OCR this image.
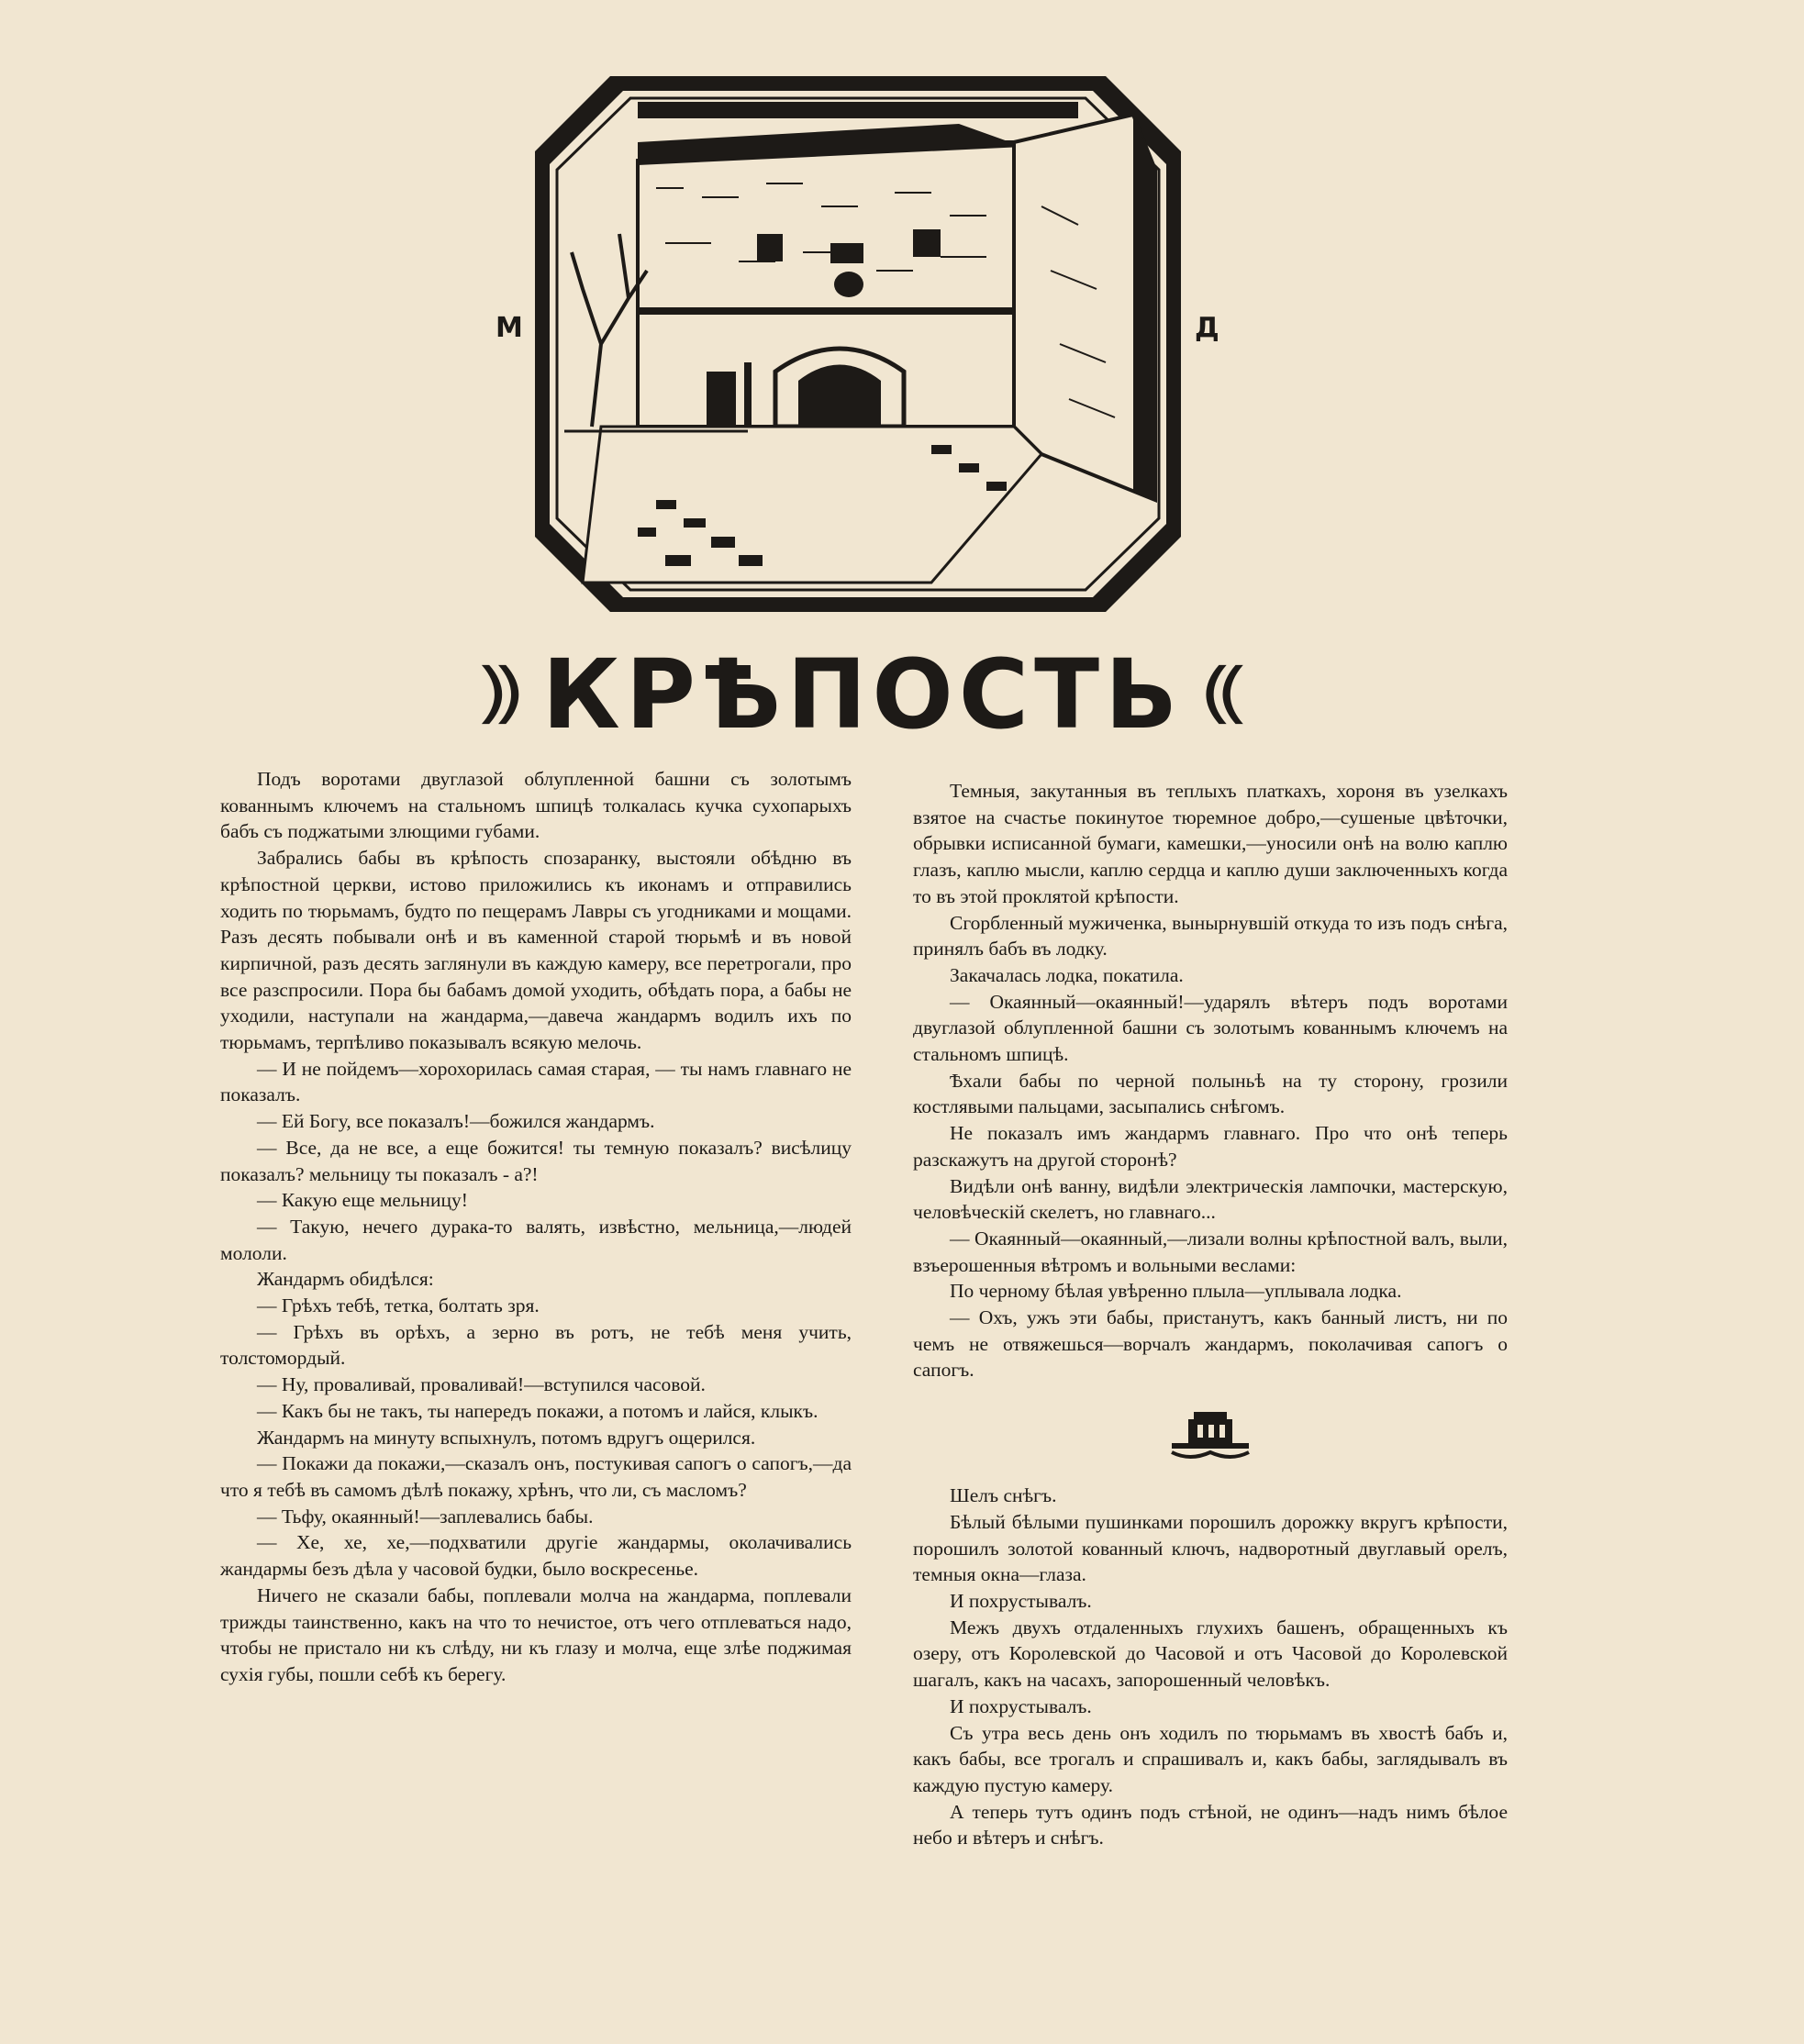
М	Д
КРѢПОСТЬ

Подъ воротами двуглазой облупленной башни съ золотымъ кованнымъ ключемъ на стальномъ шпицѣ толкалась кучка сухопарыхъ бабъ съ поджатыми злющими губами.

Забрались бабы въ крѣпость спозаранку, выстояли обѣдню въ крѣпостной церкви, истово приложились къ иконамъ и отправились ходить по тюрьмамъ, будто по пещерамъ Лавры съ угодниками и мощами. Разъ десять побывали онѣ и въ каменной старой тюрьмѣ и въ новой кирпичной, разъ десять заглянули въ каждую камеру, все перетрогали, про все разспросили. Пора бы бабамъ домой уходить, обѣдать пора, а бабы не уходили, наступали на жандарма,—давеча жандармъ водилъ ихъ по тюрьмамъ, терпѣливо показывалъ всякую мелочь.

— И не пойдемъ—хорохорилась самая старая, — ты намъ главнаго не показалъ.

— Ей Богу, все показалъ!—божился жандармъ.

— Все, да не все, а еще божится! ты темную показалъ? висѣлицу показалъ? мельницу ты показалъ - а?!

— Какую еще мельницу!

— Такую, нечего дурака-то валять, извѣстно, мельница,—людей мололи.

Жандармъ обидѣлся:

— Грѣхъ тебѣ, тетка, болтать зря.

— Грѣхъ въ орѣхъ, а зерно въ ротъ, не тебѣ меня учить, толстомордый.

— Ну, проваливай, проваливай!—вступился часовой.

— Какъ бы не такъ, ты напередъ покажи, а потомъ и лайся, клыкъ.

Жандармъ на минуту вспыхнулъ, потомъ вдругъ ощерился.

— Покажи да покажи,—сказалъ онъ, постукивая сапогъ о сапогъ,—да что я тебѣ въ самомъ дѣлѣ покажу, хрѣнъ, что ли, съ масломъ?

— Тьфу, окаянный!—заплевались бабы.

— Хе, хе, хе,—подхватили другіе жандармы, околачивались жандармы безъ дѣла у часовой будки, было воскресенье.

Ничего не сказали бабы, поплевали молча на жандарма, поплевали трижды таинственно, какъ на что то нечистое, отъ чего отплеваться надо, чтобы не пристало ни къ слѣду, ни къ глазу и молча, еще злѣе поджимая сухія губы, пошли себѣ къ берегу.

Темныя, закутанныя въ теплыхъ платкахъ, хороня въ узелкахъ взятое на счастье покинутое тюремное добро,—сушеные цвѣточки, обрывки исписанной бумаги, камешки,—уносили онѣ на волю каплю глазъ, каплю мысли, каплю сердца и каплю души заключенныхъ когда то въ этой проклятой крѣпости.

Сгорбленный мужиченка, вынырнувшій откуда то изъ подъ снѣга, принялъ бабъ въ лодку.

Закачалась лодка, покатила.

— Окаянный—окаянный!—ударялъ вѣтеръ подъ воротами двуглазой облупленной башни съ золотымъ кованнымъ ключемъ на стальномъ шпицѣ.

Ѣхали бабы по черной полыньѣ на ту сторону, грозили костлявыми пальцами, засыпались снѣгомъ.

Не показалъ имъ жандармъ главнаго. Про что онѣ теперь разскажутъ на другой сторонѣ?

Видѣли онѣ ванну, видѣли электрическія лампочки, мастерскую, человѣческій скелетъ, но главнаго...

— Окаянный—окаянный,—лизали волны крѣпостной валъ, выли, взъерошенныя вѣтромъ и вольными веслами:

По черному бѣлая увѣренно плыла—уплывала лодка.

— Охъ, ужъ эти бабы, пристанутъ, какъ банный листъ, ни по чемъ не отвяжешься—ворчалъ жандармъ, поколачивая сапогъ о сапогъ.

Шелъ снѣгъ.

Бѣлый бѣлыми пушинками порошилъ дорожку вкругъ крѣпости, порошилъ золотой кованный ключъ, надворотный двуглавый орелъ, темныя окна—глаза.

И похрустывалъ.

Межъ двухъ отдаленныхъ глухихъ башенъ, обращенныхъ къ озеру, отъ Королевской до Часовой и отъ Часовой до Королевской шагалъ, какъ на часахъ, запорошенный человѣкъ.

И похрустывалъ.

Съ утра весь день онъ ходилъ по тюрьмамъ въ хвостѣ бабъ и, какъ бабы, все трогалъ и спрашивалъ и, какъ бабы, заглядывалъ въ каждую пустую камеру.

А теперь тутъ одинъ подъ стѣной, не одинъ—надъ нимъ бѣлое небо и вѣтеръ и снѣгъ.
